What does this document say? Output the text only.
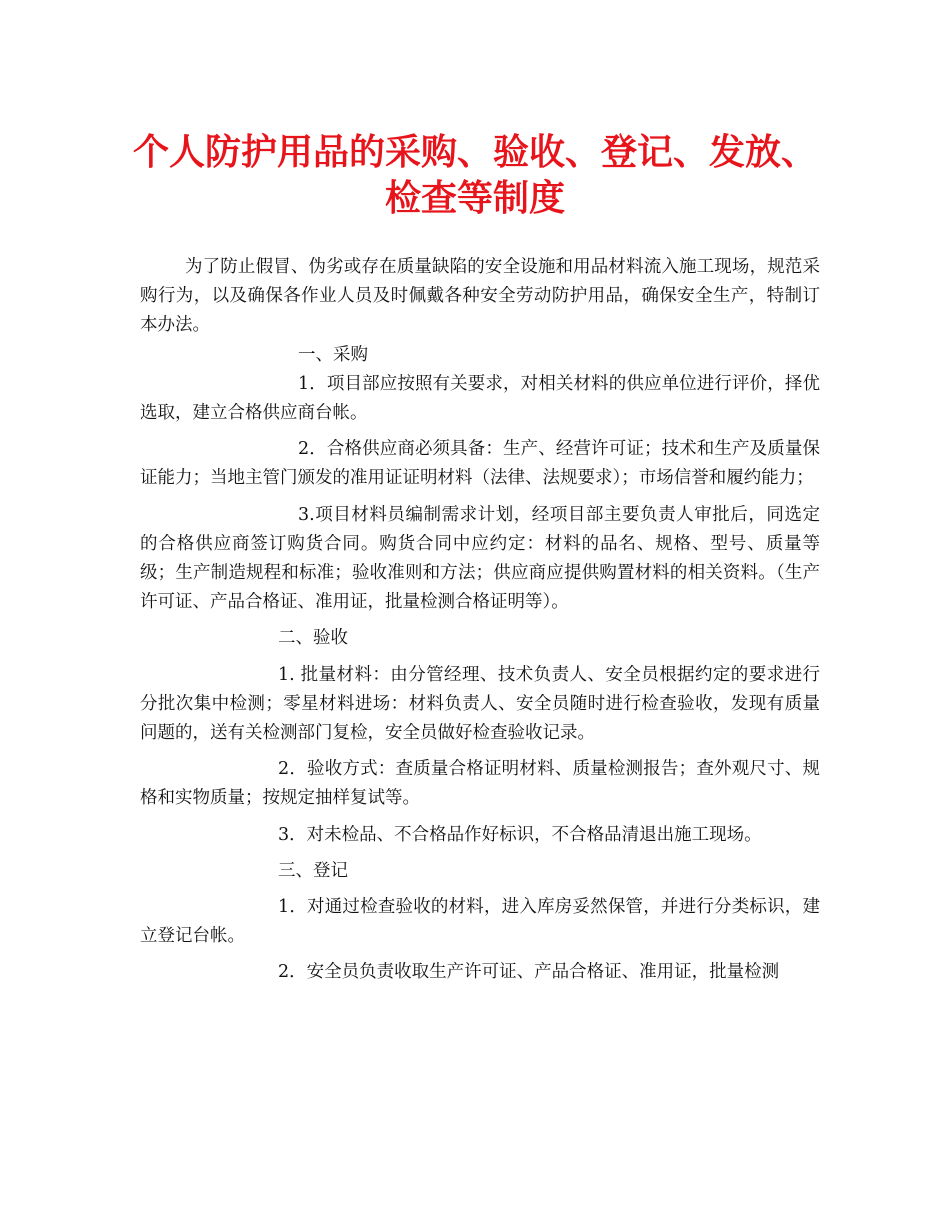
个人防护用品的采购、验收、登记、发放、
检查等制度

为了防止假冒、伪劣或存在质量缺陷的安全设施和用品材料流入施工现场，规范采购行为，以及确保各作业人员及时佩戴各种安全劳动防护用品，确保安全生产，特制订本办法。

一、采购

1．项目部应按照有关要求，对相关材料的供应单位进行评价，择优选取，建立合格供应商台帐。

2．合格供应商必须具备：生产、经营许可证；技术和生产及质量保证能力；当地主管门颁发的准用证证明材料（法律、法规要求）；市场信誉和履约能力；

3.项目材料员编制需求计划，经项目部主要负责人审批后，同选定的合格供应商签订购货合同。购货合同中应约定：材料的品名、规格、型号、质量等级；生产制造规程和标准；验收准则和方法；供应商应提供购置材料的相关资料。（生产许可证、产品合格证、准用证，批量检测合格证明等）。

二、验收

1. 批量材料：由分管经理、技术负责人、安全员根据约定的要求进行分批次集中检测；零星材料进场：材料负责人、安全员随时进行检查验收，发现有质量问题的，送有关检测部门复检，安全员做好检查验收记录。

2．验收方式：查质量合格证明材料、质量检测报告；查外观尺寸、规格和实物质量；按规定抽样复试等。

3．对未检品、不合格品作好标识，不合格品清退出施工现场。

三、登记

1．对通过检查验收的材料，进入库房妥然保管，并进行分类标识，建立登记台帐。

2．安全员负责收取生产许可证、产品合格证、准用证，批量检测
